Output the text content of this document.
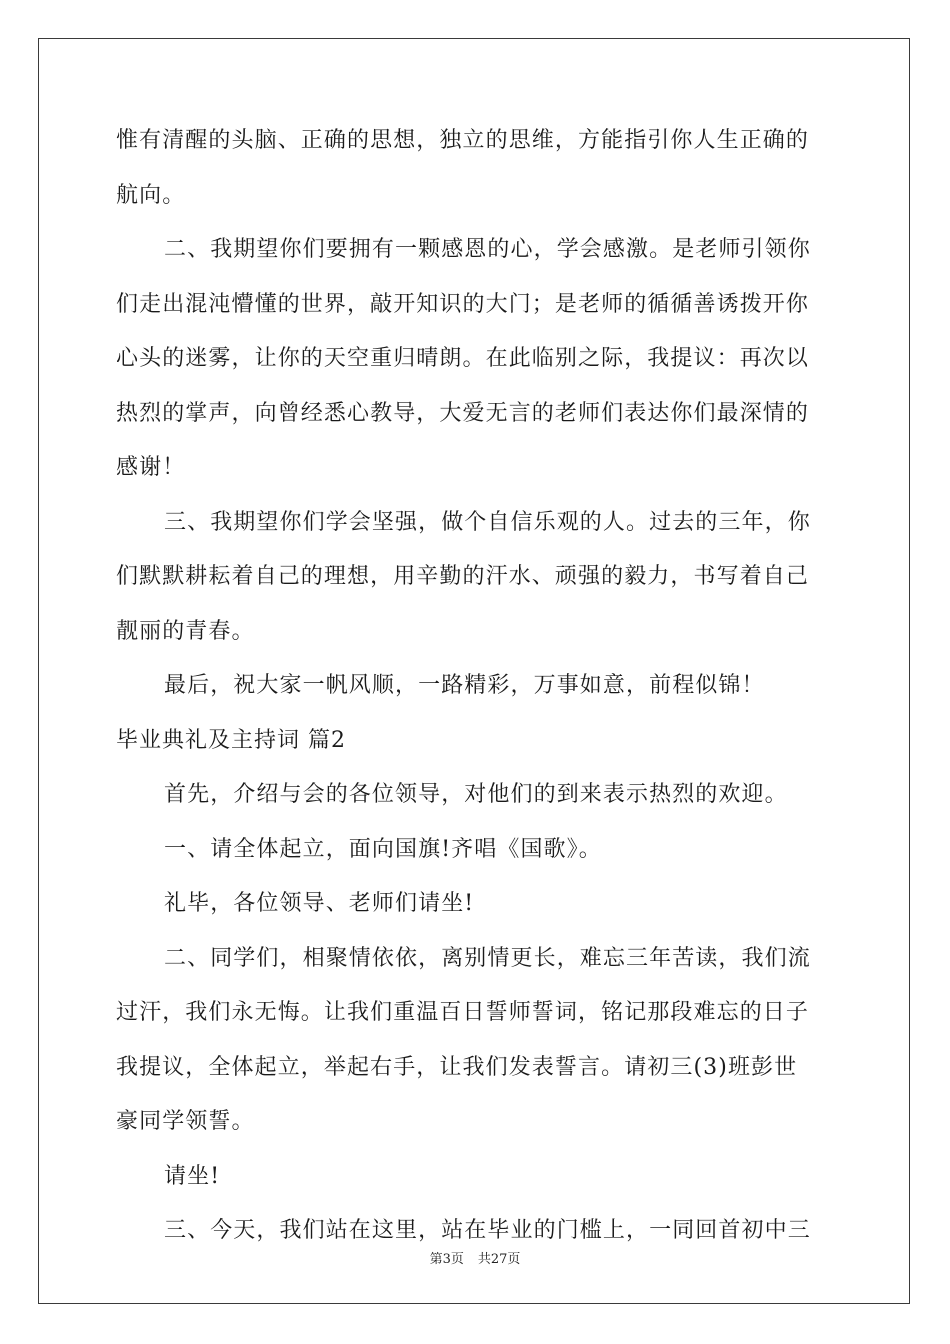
惟有清醒的头脑、正确的思想，独立的思维，方能指引你人生正确的
航向。
二、我期望你们要拥有一颗感恩的心，学会感激。是老师引领你
们走出混沌懵懂的世界，敲开知识的大门；是老师的循循善诱拨开你
心头的迷雾，让你的天空重归晴朗。在此临别之际，我提议：再次以
热烈的掌声，向曾经悉心教导，大爱无言的老师们表达你们最深情的
感谢！
三、我期望你们学会坚强，做个自信乐观的人。过去的三年，你
们默默耕耘着自己的理想，用辛勤的汗水、顽强的毅力，书写着自己
靓丽的青春。
最后，祝大家一帆风顺，一路精彩，万事如意，前程似锦！
毕业典礼及主持词 篇2
首先，介绍与会的各位领导，对他们的到来表示热烈的欢迎。
一、请全体起立，面向国旗!齐唱《国歌》。
礼毕，各位领导、老师们请坐!
二、同学们，相聚情依依，离别情更长，难忘三年苦读，我们流
过汗，我们永无悔。让我们重温百日誓师誓词，铭记那段难忘的日子
我提议，全体起立，举起右手，让我们发表誓言。请初三(3)班彭世
豪同学领誓。
请坐!
三、今天，我们站在这里，站在毕业的门槛上，一同回首初中三
第3页 共27页
